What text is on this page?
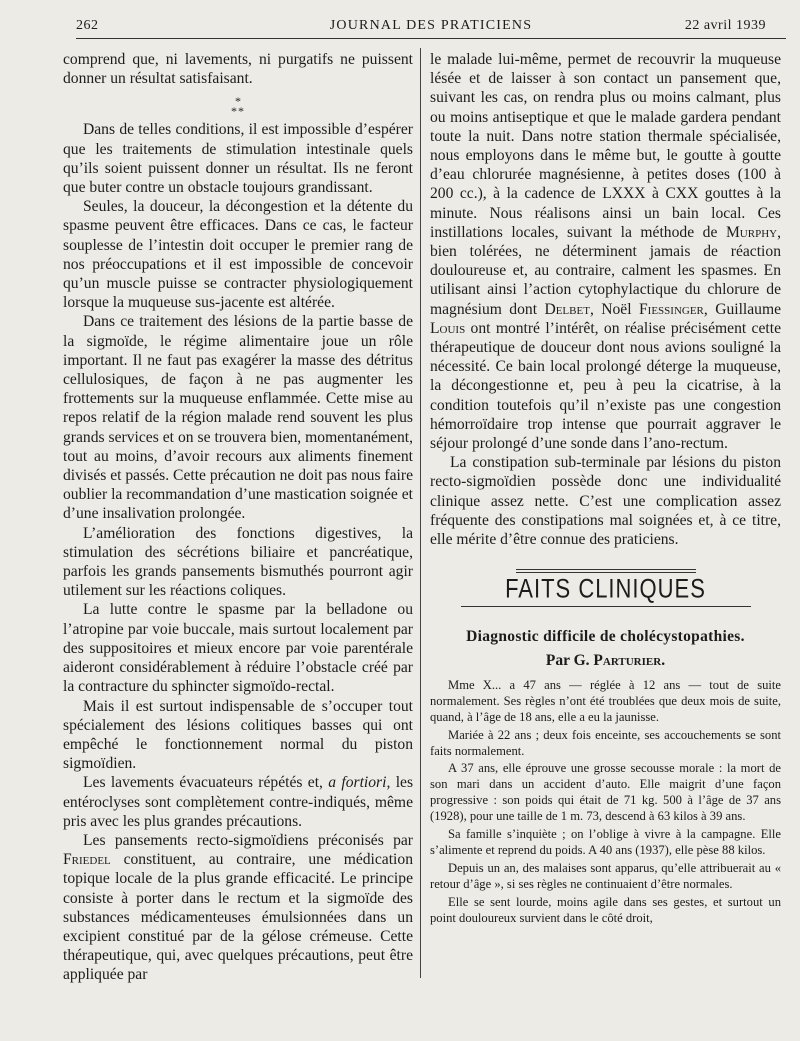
262	JOURNAL DES PRATICIENS	22 avril 1939

comprend que, ni lavements, ni purgatifs ne puissent donner un résultat satisfaisant.

*
**

Dans de telles conditions, il est impossible d’espérer que les traitements de stimulation intestinale quels qu’ils soient puissent donner un résultat. Ils ne feront que buter contre un obstacle toujours grandissant.

Seules, la douceur, la décongestion et la détente du spasme peuvent être efficaces. Dans ce cas, le facteur souplesse de l’intestin doit occuper le premier rang de nos préoccupations et il est impossible de concevoir qu’un muscle puisse se contracter physiologiquement lorsque la muqueuse sus-jacente est altérée.

Dans ce traitement des lésions de la partie basse de la sigmoïde, le régime alimentaire joue un rôle important. Il ne faut pas exagérer la masse des détritus cellulosiques, de façon à ne pas augmenter les frottements sur la muqueuse enflammée. Cette mise au repos relatif de la région malade rend souvent les plus grands services et on se trouvera bien, momentanément, tout au moins, d’avoir recours aux aliments finement divisés et passés. Cette précaution ne doit pas nous faire oublier la recommandation d’une mastication soignée et d’une insalivation prolongée.

L’amélioration des fonctions digestives, la stimulation des sécrétions biliaire et pancréatique, parfois les grands pansements bismuthés pourront agir utilement sur les réactions coliques.

La lutte contre le spasme par la belladone ou l’atropine par voie buccale, mais surtout localement par des suppositoires et mieux encore par voie parentérale aideront considérablement à réduire l’obstacle créé par la contracture du sphincter sigmoïdo-rectal.

Mais il est surtout indispensable de s’occuper tout spécialement des lésions colitiques basses qui ont empêché le fonctionnement normal du piston sigmoïdien.

Les lavements évacuateurs répétés et, a fortiori, les entéroclyses sont complètement contre-indiqués, même pris avec les plus grandes précautions.

Les pansements recto-sigmoïdiens préconisés par Friedel constituent, au contraire, une médication topique locale de la plus grande efficacité. Le principe consiste à porter dans le rectum et la sigmoïde des substances médicamenteuses émulsionnées dans un excipient constitué par de la gélose crémeuse. Cette thérapeutique, qui, avec quelques précautions, peut être appliquée par

le malade lui-même, permet de recouvrir la muqueuse lésée et de laisser à son contact un pansement que, suivant les cas, on rendra plus ou moins calmant, plus ou moins antiseptique et que le malade gardera pendant toute la nuit. Dans notre station thermale spécialisée, nous employons dans le même but, le goutte à goutte d’eau chlorurée magnésienne, à petites doses (100 à 200 cc.), à la cadence de LXXX à CXX gouttes à la minute. Nous réalisons ainsi un bain local. Ces instillations locales, suivant la méthode de Murphy, bien tolérées, ne déterminent jamais de réaction douloureuse et, au contraire, calment les spasmes. En utilisant ainsi l’action cytophylactique du chlorure de magnésium dont Delbet, Noël Fiessinger, Guillaume Louis ont montré l’intérêt, on réalise précisément cette thérapeutique de douceur dont nous avions souligné la nécessité. Ce bain local prolongé déterge la muqueuse, la décongestionne et, peu à peu la cicatrise, à la condition toutefois qu’il n’existe pas une congestion hémorroïdaire trop intense que pourrait aggraver le séjour prolongé d’une sonde dans l’ano-rectum.

La constipation sub-terminale par lésions du piston recto-sigmoïdien possède donc une individualité clinique assez nette. C’est une complication assez fréquente des constipations mal soignées et, à ce titre, elle mérite d’être connue des praticiens.

FAITS CLINIQUES
Diagnostic difficile de cholécystopathies.
Par G. Parturier.

Mme X... a 47 ans — réglée à 12 ans — tout de suite normalement. Ses règles n’ont été troublées que deux mois de suite, quand, à l’âge de 18 ans, elle a eu la jaunisse.

Mariée à 22 ans ; deux fois enceinte, ses accouchements se sont faits normalement.

A 37 ans, elle éprouve une grosse secousse morale : la mort de son mari dans un accident d’auto. Elle maigrit d’une façon progressive : son poids qui était de 71 kg. 500 à l’âge de 37 ans (1928), pour une taille de 1 m. 73, descend à 63 kilos à 39 ans.

Sa famille s’inquiète ; on l’oblige à vivre à la campagne. Elle s’alimente et reprend du poids. A 40 ans (1937), elle pèse 88 kilos.

Depuis un an, des malaises sont apparus, qu’elle attribuerait au « retour d’âge », si ses règles ne continuaient d’être normales.

Elle se sent lourde, moins agile dans ses gestes, et surtout un point douloureux survient dans le côté droit,
